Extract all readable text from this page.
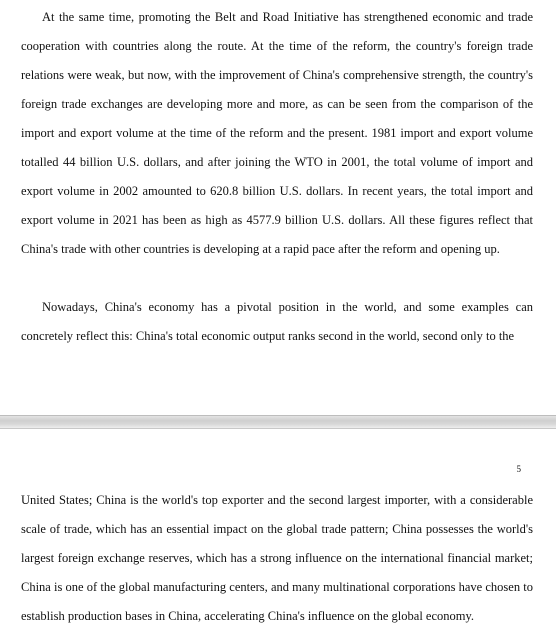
At the same time, promoting the Belt and Road Initiative has strengthened economic and trade cooperation with countries along the route. At the time of the reform, the country's foreign trade relations were weak, but now, with the improvement of China's comprehensive strength, the country's foreign trade exchanges are developing more and more, as can be seen from the comparison of the import and export volume at the time of the reform and the present. 1981 import and export volume totalled 44 billion U.S. dollars, and after joining the WTO in 2001, the total volume of import and export volume in 2002 amounted to 620.8 billion U.S. dollars. In recent years, the total import and export volume in 2021 has been as high as 4577.9 billion U.S. dollars. All these figures reflect that China's trade with other countries is developing at a rapid pace after the reform and opening up.

Nowadays, China's economy has a pivotal position in the world, and some examples can concretely reflect this: China's total economic output ranks second in the world, second only to the

5

United States; China is the world's top exporter and the second largest importer, with a considerable scale of trade, which has an essential impact on the global trade pattern; China possesses the world's largest foreign exchange reserves, which has a strong influence on the international financial market; China is one of the global manufacturing centers, and many multinational corporations have chosen to establish production bases in China, accelerating China's influence on the global economy.
